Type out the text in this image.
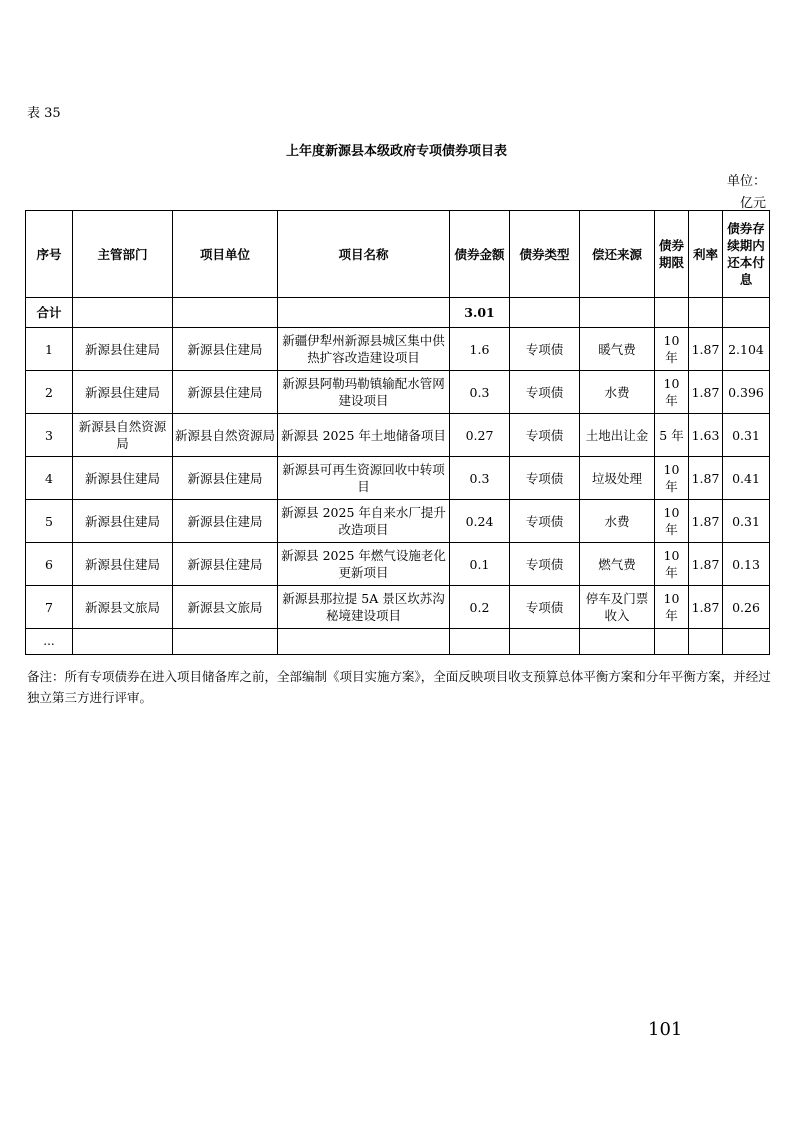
表 35
上年度新源县本级政府专项债券项目表
单位：
亿元
序号	主管部门	项目单位	项目名称	债券金额	债券类型	偿还来源	债券期限	利率	债券存续期内还本付息
合计				3.01					
1	新源县住建局	新源县住建局	新疆伊犁州新源县城区集中供热扩容改造建设项目	1.6	专项债	暖气费	10 年	1.87	2.104
2	新源县住建局	新源县住建局	新源县阿勒玛勒镇输配水管网建设项目	0.3	专项债	水费	10 年	1.87	0.396
3	新源县自然资源局	新源县自然资源局	新源县 2025 年土地储备项目	0.27	专项债	土地出让金	5 年	1.63	0.31
4	新源县住建局	新源县住建局	新源县可再生资源回收中转项目	0.3	专项债	垃圾处理	10 年	1.87	0.41
5	新源县住建局	新源县住建局	新源县 2025 年自来水厂提升改造项目	0.24	专项债	水费	10 年	1.87	0.31
6	新源县住建局	新源县住建局	新源县 2025 年燃气设施老化更新项目	0.1	专项债	燃气费	10 年	1.87	0.13
7	新源县文旅局	新源县文旅局	新源县那拉提 5A 景区坎苏沟秘境建设项目	0.2	专项债	停车及门票收入	10 年	1.87	0.26
...									
备注：所有专项债券在进入项目储备库之前，全部编制《项目实施方案》，全面反映项目收支预算总体平衡方案和分年平衡方案，并经过独立第三方进行评审。
101
